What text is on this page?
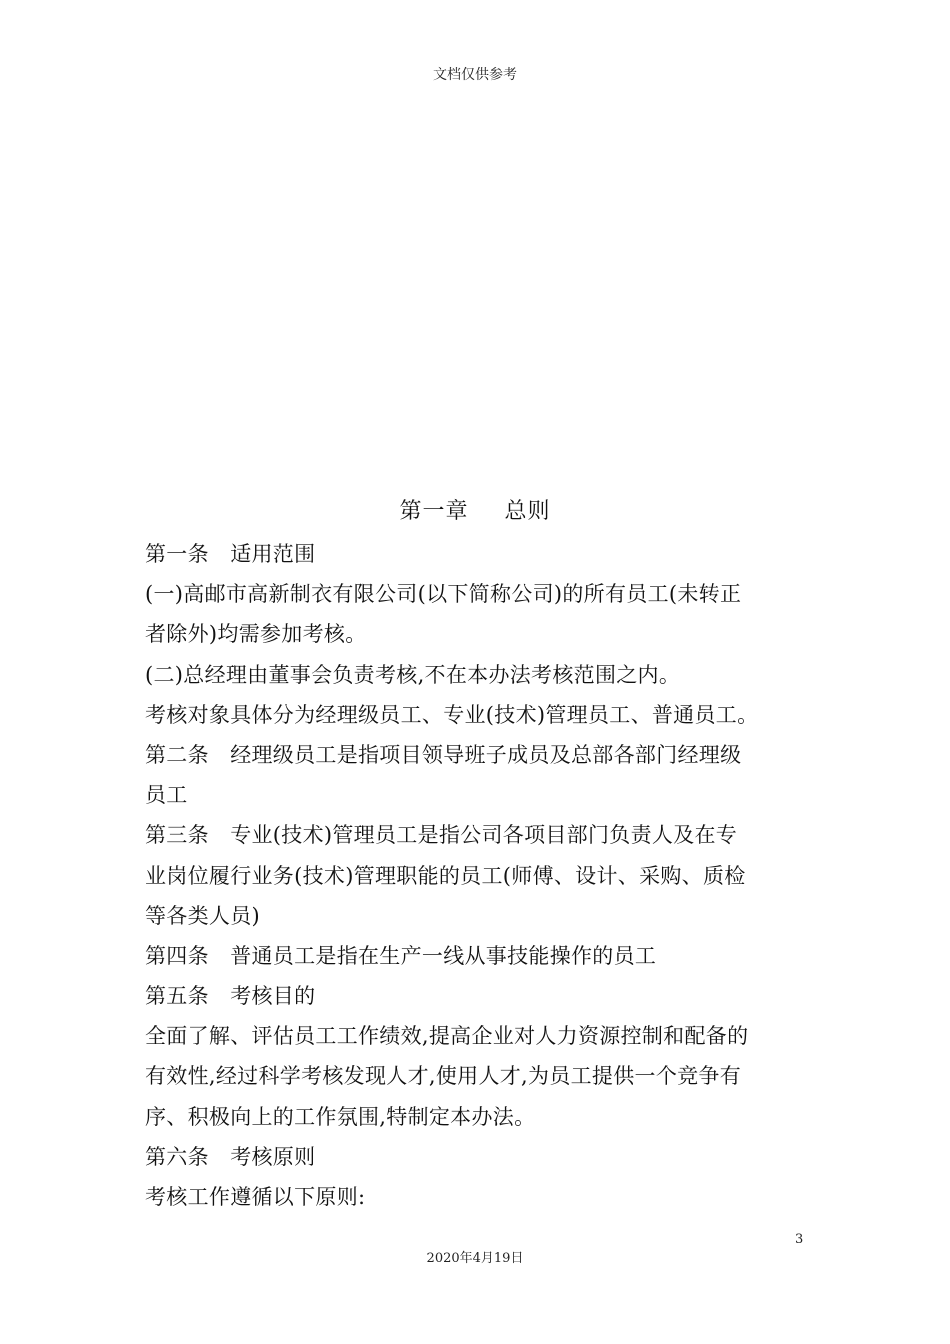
文档仅供参考
第一章 总则
第一条　适用范围
(一)高邮市高新制衣有限公司(以下简称公司)的所有员工(未转正
者除外)均需参加考核。
(二)总经理由董事会负责考核,不在本办法考核范围之内。
考核对象具体分为经理级员工、专业(技术)管理员工、普通员工。
第二条　经理级员工是指项目领导班子成员及总部各部门经理级
员工
第三条　专业(技术)管理员工是指公司各项目部门负责人及在专
业岗位履行业务(技术)管理职能的员工(师傅、设计、采购、质检
等各类人员)
第四条　普通员工是指在生产一线从事技能操作的员工
第五条　考核目的
全面了解、评估员工工作绩效,提高企业对人力资源控制和配备的
有效性,经过科学考核发现人才,使用人才,为员工提供一个竞争有
序、积极向上的工作氛围,特制定本办法。
第六条　考核原则
考核工作遵循以下原则:
3
2020年4月19日
